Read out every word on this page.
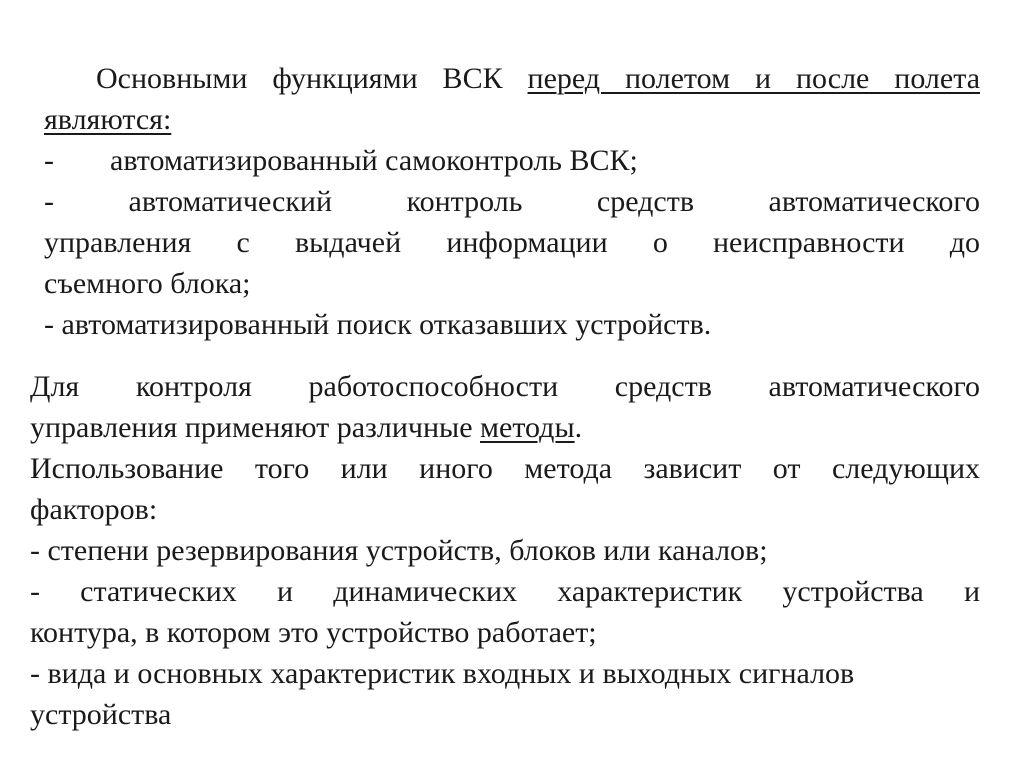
Основными функциями ВСК перед полетом и после полета
являются:
- автоматизированный самоконтроль ВСК;
- автоматический контроль средств автоматического
управления с выдачей информации о неисправности до
съемного блока;
- автоматизированный поиск отказавших устройств.
Для контроля работоспособности средств автоматического
управления применяют различные методы.
Использование того или иного метода зависит от следующих
факторов:
- степени резервирования устройств, блоков или каналов;
- статических и динамических характеристик устройства и
контура, в котором это устройство работает;
- вида и основных характеристик входных и выходных сигналов
устройства
